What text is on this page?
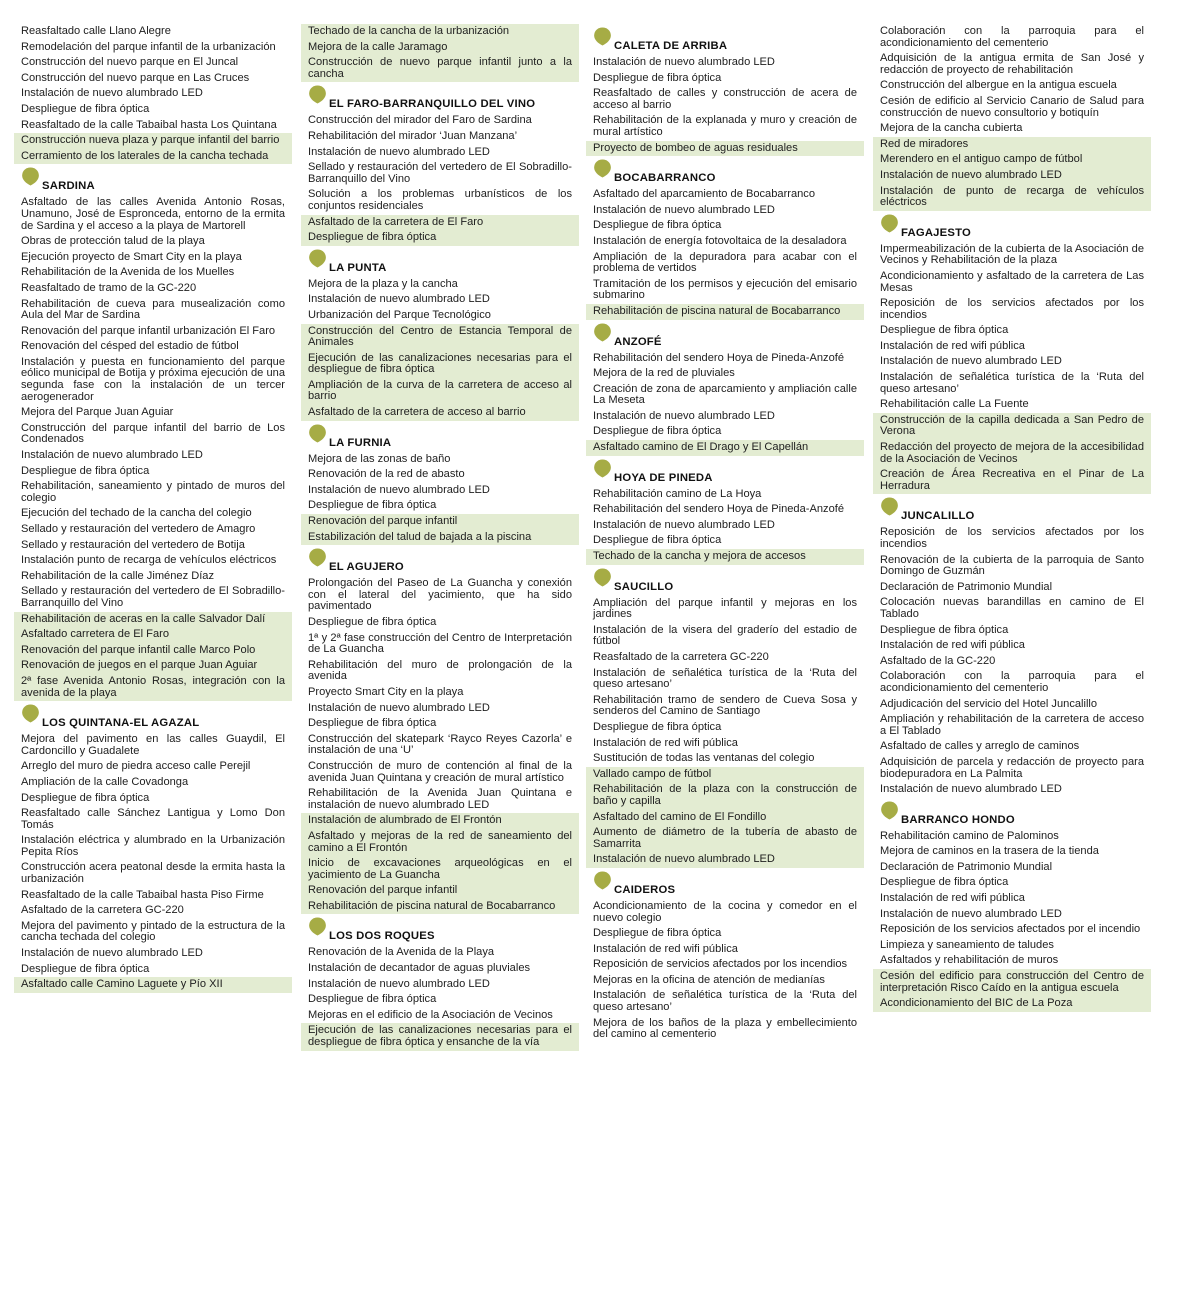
Reasfaltado calle Llano Alegre
Remodelación del parque infantil de la urbanización
Construcción del nuevo parque en El Juncal
Construcción del nuevo parque en Las Cruces
Instalación de nuevo alumbrado LED
Despliegue de fibra óptica
Reasfaltado de la calle Tabaibal hasta Los Quintana
Construcción nueva plaza y parque infantil del barrio
Cerramiento de los laterales de la cancha techada
SARDINA
Asfaltado de las calles Avenida Antonio Rosas, Unamuno, José de Espronceda, entorno de la ermita de Sardina y el acceso a la playa de Martorell
Obras de protección talud de la playa
Ejecución proyecto de Smart City en la playa
Rehabilitación de la Avenida de los Muelles
Reasfaltado de tramo de la GC-220
Rehabilitación de cueva para musealización como Aula del Mar de Sardina
Renovación del parque infantil urbanización El Faro
Renovación del césped del estadio de fútbol
Instalación y puesta en funcionamiento del parque eólico municipal de Botija y próxima ejecución de una segunda fase con la instalación de un tercer aerogenerador
Mejora del Parque Juan Aguiar
Construcción del parque infantil del barrio de Los Condenados
Instalación de nuevo alumbrado LED
Despliegue de fibra óptica
Rehabilitación, saneamiento y pintado de muros del colegio
Ejecución del techado de la cancha del colegio
Sellado y restauración del vertedero de Amagro
Sellado y restauración del vertedero de Botija
Instalación punto de recarga de vehículos eléctricos
Rehabilitación de la calle Jiménez Díaz
Sellado y restauración del vertedero de El Sobradillo-Barranquillo del Vino
Rehabilitación de aceras en la calle Salvador Dalí
Asfaltado carretera de El Faro
Renovación del parque infantil calle Marco Polo
Renovación de juegos en el parque Juan Aguiar
2ª fase Avenida Antonio Rosas, integración con la avenida de la playa
LOS QUINTANA-EL AGAZAL
Mejora del pavimento en las calles Guaydil, El Cardoncillo y Guadalete
Arreglo del muro de piedra acceso calle Perejil
Ampliación de la calle Covadonga
Despliegue de fibra óptica
Reasfaltado calle Sánchez Lantigua y Lomo Don Tomás
Instalación eléctrica y alumbrado en la Urbanización Pepita Ríos
Construcción acera peatonal desde la ermita hasta la urbanización
Reasfaltado de la calle Tabaibal hasta Piso Firme
Asfaltado de la carretera GC-220
Mejora del pavimento y pintado de la estructura de la cancha techada del colegio
Instalación de nuevo alumbrado LED
Despliegue de fibra óptica
Asfaltado calle Camino Laguete y Pío XII
Techado de la cancha de la urbanización
Mejora de la calle Jaramago
Construcción de nuevo parque infantil junto a la cancha
EL FARO-BARRANQUILLO DEL VINO
Construcción del mirador del Faro de Sardina
Rehabilitación del mirador ‘Juan Manzana’
Instalación de nuevo alumbrado LED
Sellado y restauración del vertedero de El Sobradillo-Barranquillo del Vino
Solución a los problemas urbanísticos de los conjuntos residenciales
Asfaltado de la carretera de El Faro
Despliegue de fibra óptica
LA PUNTA
Mejora de la plaza y la cancha
Instalación de nuevo alumbrado LED
Urbanización del Parque Tecnológico
Construcción del Centro de Estancia Temporal de Animales
Ejecución de las canalizaciones necesarias para el despliegue de fibra óptica
Ampliación de la curva de la carretera de acceso al barrio
Asfaltado de la carretera de acceso al barrio
LA FURNIA
Mejora de las zonas de baño
Renovación de la red de abasto
Instalación de nuevo alumbrado LED
Despliegue de fibra óptica
Renovación del parque infantil
Estabilización del talud de bajada a la piscina
EL AGUJERO
Prolongación del Paseo de La Guancha y conexión con el lateral del yacimiento, que ha sido pavimentado
Despliegue de fibra óptica
1ª y 2ª fase construcción del Centro de Interpretación de La Guancha
Rehabilitación del muro de prolongación de la avenida
Proyecto Smart City en la playa
Instalación de nuevo alumbrado LED
Despliegue de fibra óptica
Construcción del skatepark ‘Rayco Reyes Cazorla’ e instalación de una ‘U’
Construcción de muro de contención al final de la avenida Juan Quintana y creación de mural artístico
Rehabilitación de la Avenida Juan Quintana e instalación de nuevo alumbrado LED
Instalación de alumbrado de El Frontón
Asfaltado y mejoras de la red de saneamiento del camino a El Frontón
Inicio de excavaciones arqueológicas en el yacimiento de La Guancha
Renovación del parque infantil
Rehabilitación de piscina natural de Bocabarranco
LOS DOS ROQUES
Renovación de la Avenida de la Playa
Instalación de decantador de aguas pluviales
Instalación de nuevo alumbrado LED
Despliegue de fibra óptica
Mejoras en el edificio de la Asociación de Vecinos
Ejecución de las canalizaciones necesarias para el despliegue de fibra óptica y ensanche de la vía
CALETA DE ARRIBA
Instalación de nuevo alumbrado LED
Despliegue de fibra óptica
Reasfaltado de calles y construcción de acera de acceso al barrio
Rehabilitación de la explanada y muro y creación de mural artístico
Proyecto de bombeo de aguas residuales
BOCABARRANCO
Asfaltado del aparcamiento de Bocabarranco
Instalación de nuevo alumbrado LED
Despliegue de fibra óptica
Instalación de energía fotovoltaica de la desaladora
Ampliación de la depuradora para acabar con el problema de vertidos
Tramitación de los permisos y ejecución del emisario submarino
Rehabilitación de piscina natural de Bocabarranco
ANZOFÉ
Rehabilitación del sendero Hoya de Pineda-Anzofé
Mejora de la red de pluviales
Creación de zona de aparcamiento y ampliación calle La Meseta
Instalación de nuevo alumbrado LED
Despliegue de fibra óptica
Asfaltado camino de El Drago y El Capellán
HOYA DE PINEDA
Rehabilitación camino de La Hoya
Rehabilitación del sendero Hoya de Pineda-Anzofé
Instalación de nuevo alumbrado LED
Despliegue de fibra óptica
Techado de la cancha y mejora de accesos
SAUCILLO
Ampliación del parque infantil y mejoras en los jardines
Instalación de la visera del graderío del estadio de fútbol
Reasfaltado de la carretera GC-220
Instalación de señalética turística de la ‘Ruta del queso artesano’
Rehabilitación tramo de sendero de Cueva Sosa y senderos del Camino de Santiago
Despliegue de fibra óptica
Instalación de red wifi pública
Sustitución de todas las ventanas del colegio
Vallado campo de fútbol
Rehabilitación de la plaza con la construcción de baño y capilla
Asfaltado del camino de El Fondillo
Aumento de diámetro de la tubería de abasto de Samarrita
Instalación de nuevo alumbrado LED
CAIDEROS
Acondicionamiento de la cocina y comedor en el nuevo colegio
Despliegue de fibra óptica
Instalación de red wifi pública
Reposición de servicios afectados por los incendios
Mejoras en la oficina de atención de medianías
Instalación de señalética turística de la ‘Ruta del queso artesano’
Mejora de los baños de la plaza y embellecimiento del camino al cementerio
Colaboración con la parroquia para el acondicionamiento del cementerio
Adquisición de la antigua ermita de San José y redacción de proyecto de rehabilitación
Construcción del albergue en la antigua escuela
Cesión de edificio al Servicio Canario de Salud para construcción de nuevo consultorio y botiquín
Mejora de la cancha cubierta
Red de miradores
Merendero en el antiguo campo de fútbol
Instalación de nuevo alumbrado LED
Instalación de punto de recarga de vehículos eléctricos
FAGAJESTO
Impermeabilización de la cubierta de la Asociación de Vecinos y Rehabilitación de la plaza
Acondicionamiento y asfaltado de la carretera de Las Mesas
Reposición de los servicios afectados por los incendios
Despliegue de fibra óptica
Instalación de red wifi pública
Instalación de nuevo alumbrado LED
Instalación de señalética turística de la ‘Ruta del queso artesano’
Rehabilitación calle La Fuente
Construcción de la capilla dedicada a San Pedro de Verona
Redacción del proyecto de mejora de la accesibilidad de la Asociación de Vecinos
Creación de Área Recreativa en el Pinar de La Herradura
JUNCALILLO
Reposición de los servicios afectados por los incendios
Renovación de la cubierta de la parroquia de Santo Domingo de Guzmán
Declaración de Patrimonio Mundial
Colocación nuevas barandillas en camino de El Tablado
Despliegue de fibra óptica
Instalación de red wifi pública
Asfaltado de la GC-220
Colaboración con la parroquia para el acondicionamiento del cementerio
Adjudicación del servicio del Hotel Juncalillo
Ampliación y rehabilitación de la carretera de acceso a El Tablado
Asfaltado de calles y arreglo de caminos
Adquisición de parcela y redacción de proyecto para biodepuradora en La Palmita
Instalación de nuevo alumbrado LED
BARRANCO HONDO
Rehabilitación camino de Palominos
Mejora de caminos en la trasera de la tienda
Declaración de Patrimonio Mundial
Despliegue de fibra óptica
Instalación de red wifi pública
Instalación de nuevo alumbrado LED
Reposición de los servicios afectados por el incendio
Limpieza y saneamiento de taludes
Asfaltados y rehabilitación de muros
Cesión del edificio para construcción del Centro de interpretación Risco Caído en la antigua escuela
Acondicionamiento del BIC de La Poza
